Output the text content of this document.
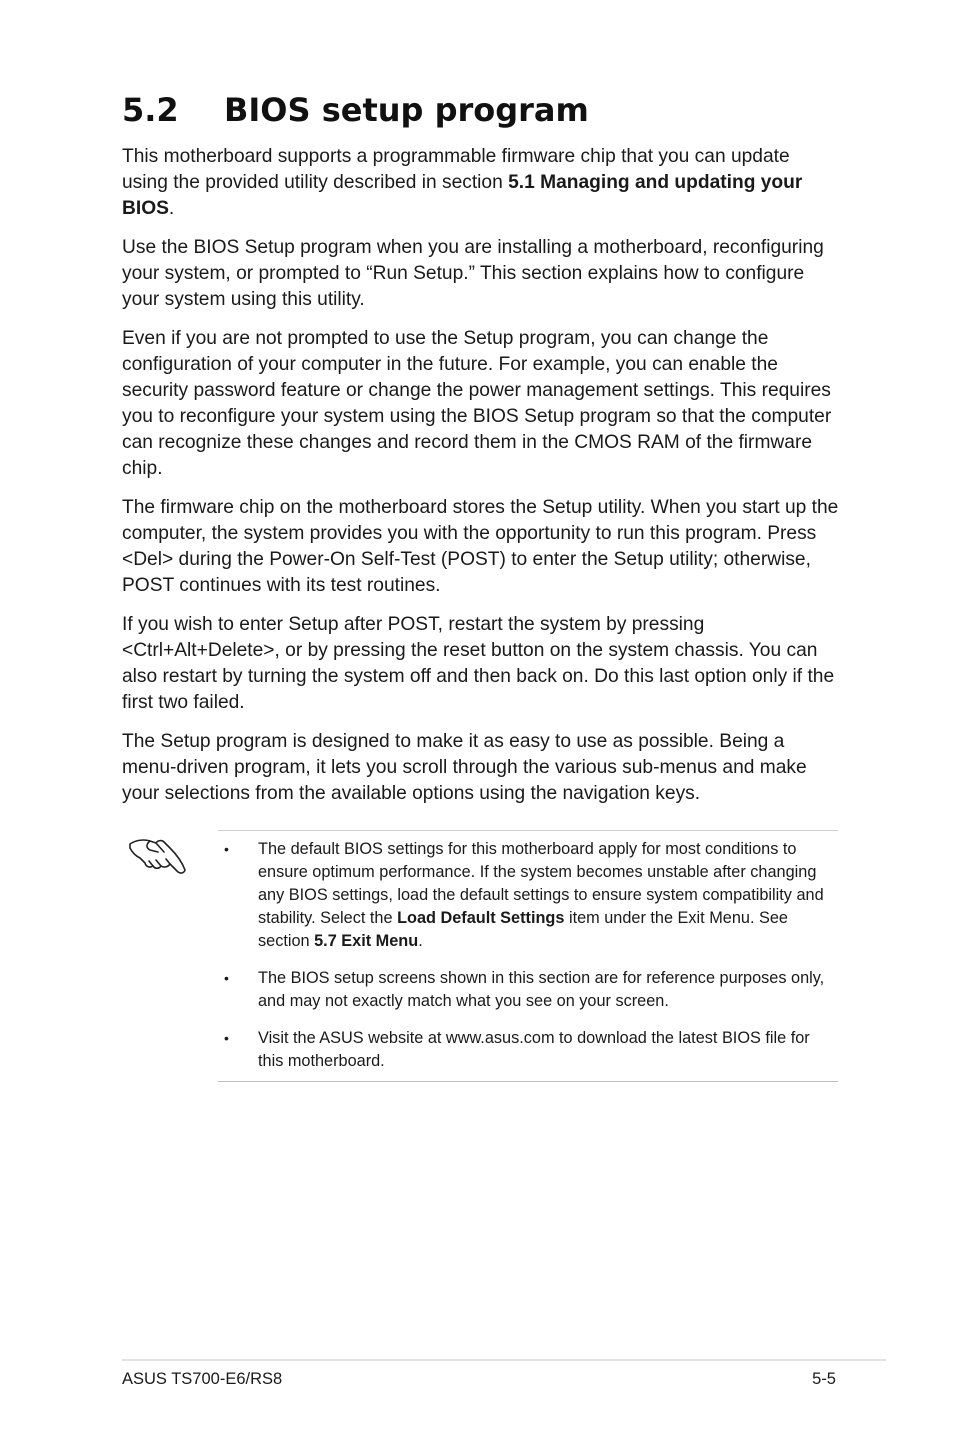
5.2 BIOS setup program

This motherboard supports a programmable firmware chip that you can update using the provided utility described in section 5.1 Managing and updating your BIOS.

Use the BIOS Setup program when you are installing a motherboard, reconfiguring your system, or prompted to “Run Setup.” This section explains how to configure your system using this utility.

Even if you are not prompted to use the Setup program, you can change the configuration of your computer in the future. For example, you can enable the security password feature or change the power management settings. This requires you to reconfigure your system using the BIOS Setup program so that the computer can recognize these changes and record them in the CMOS RAM of the firmware chip.

The firmware chip on the motherboard stores the Setup utility. When you start up the computer, the system provides you with the opportunity to run this program. Press <Del> during the Power-On Self-Test (POST) to enter the Setup utility; otherwise, POST continues with its test routines.

If you wish to enter Setup after POST, restart the system by pressing <Ctrl+Alt+Delete>, or by pressing the reset button on the system chassis. You can also restart by turning the system off and then back on. Do this last option only if the first two failed.

The Setup program is designed to make it as easy to use as possible. Being a menu-driven program, it lets you scroll through the various sub-menus and make your selections from the available options using the navigation keys.

• The default BIOS settings for this motherboard apply for most conditions to ensure optimum performance. If the system becomes unstable after changing any BIOS settings, load the default settings to ensure system compatibility and stability. Select the Load Default Settings item under the Exit Menu. See section 5.7 Exit Menu.
• The BIOS setup screens shown in this section are for reference purposes only, and may not exactly match what you see on your screen.
• Visit the ASUS website at www.asus.com to download the latest BIOS file for this motherboard.
ASUS TS700-E6/RS8	5-5
